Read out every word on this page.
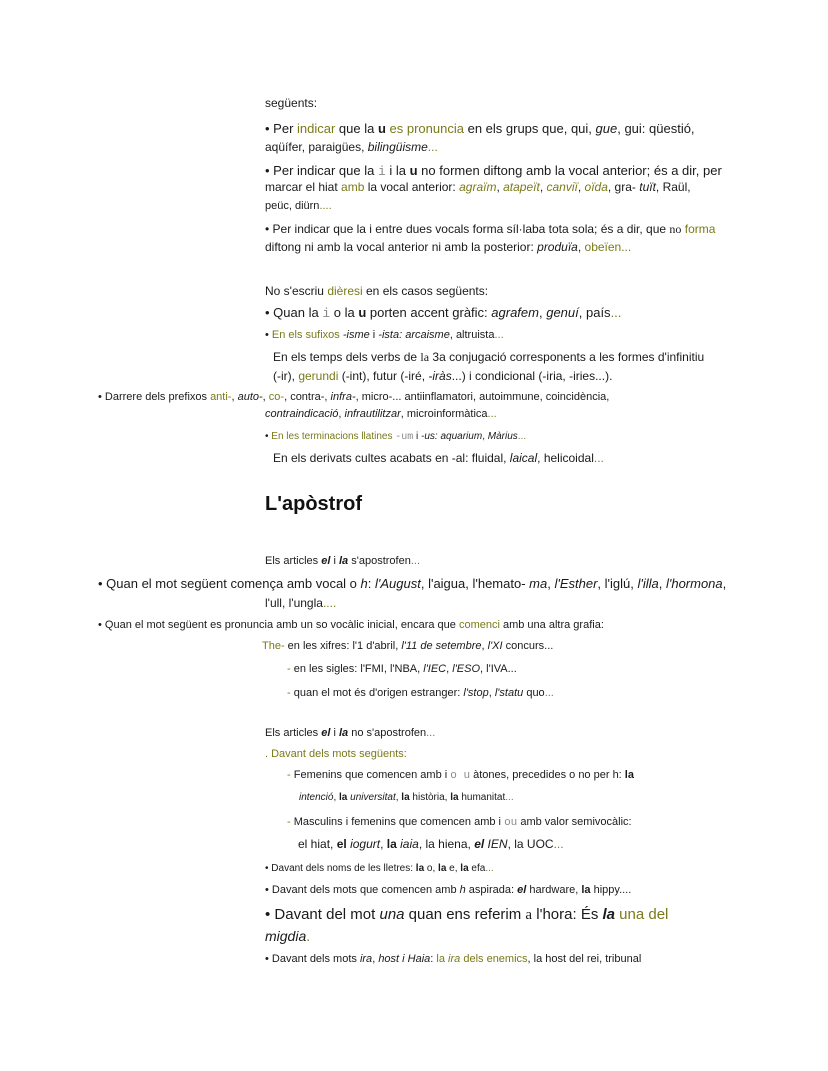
següents:
• Per indicar que la u es pronuncia en els grups que, qui, gue, gui: qüestió,
aqüífer, paraigües, bilingüisme...
• Per indicar que la i i la u no formen diftong amb la vocal anterior; és a dir, per
marcar el hiat amb la vocal anterior: agraïm, atapeït, canviï, oïda, gra- tuït, Raül,
peüc, diürn....
• Per indicar que la i entre dues vocals forma síl·laba tota sola; és a dir, que no forma
diftong ni amb la vocal anterior ni amb la posterior: produïa, obeïen...
No s'escriu dièresi en els casos següents:
• Quan la i o la u porten accent gràfic: agrafem, genuí, país...
• En els sufixos -isme i -ista: arcaisme, altruista...
En els temps dels verbs de la 3a conjugació corresponents a les formes d'infinitiu
(-ir), gerundi (-int), futur (-iré, -iràs...) i condicional (-iria, -iries...).
• Darrere dels prefixos anti-, auto-, co-, contra-, infra-, micro-... antiinflamatori, autoimmune, coincidència,
contraindicació, infrautilitzar, microinformàtica...
• En les terminacions llatines -um i -us: aquarium, Màrius...
En els derivats cultes acabats en -al: fluidal, laical, helicoidal...
L'apòstrof
Els articles el i la s'apostrofen...
• Quan el mot següent comença amb vocal o h: l'August, l'aigua, l'hemato- ma, l'Esther, l'iglú, l'illa, l'hormona,
l'ull, l'ungla....
• Quan el mot següent es pronuncia amb un so vocàlic inicial, encara que comenci amb una altra grafia:
The- en les xifres: l'1 d'abril, l'11 de setembre, l'XI concurs...
- en les sigles: l'FMI, l'NBA, l'IEC, l'ESO, l'IVA...
- quan el mot és d'origen estranger: l'stop, l'statu quo...
Els articles el i la no s'apostrofen...
. Davant dels mots següents:
- Femenins que comencen amb i o u àtones, precedides o no per h: la
intenció, la universitat, la història, la humanitat...
- Masculins i femenins que comencen amb i ou amb valor semivocàlic:
el hiat, el iogurt, la iaia, la hiena, el IEN, la UOC...
• Davant dels noms de les lletres: la o, la e, la efa...
• Davant dels mots que comencen amb h aspirada: el hardware, la hippy....
• Davant del mot una quan ens referim a l'hora: És la una del
migdia.
• Davant dels mots ira, host i Haia: la ira dels enemics, la host del rei, tribunal
